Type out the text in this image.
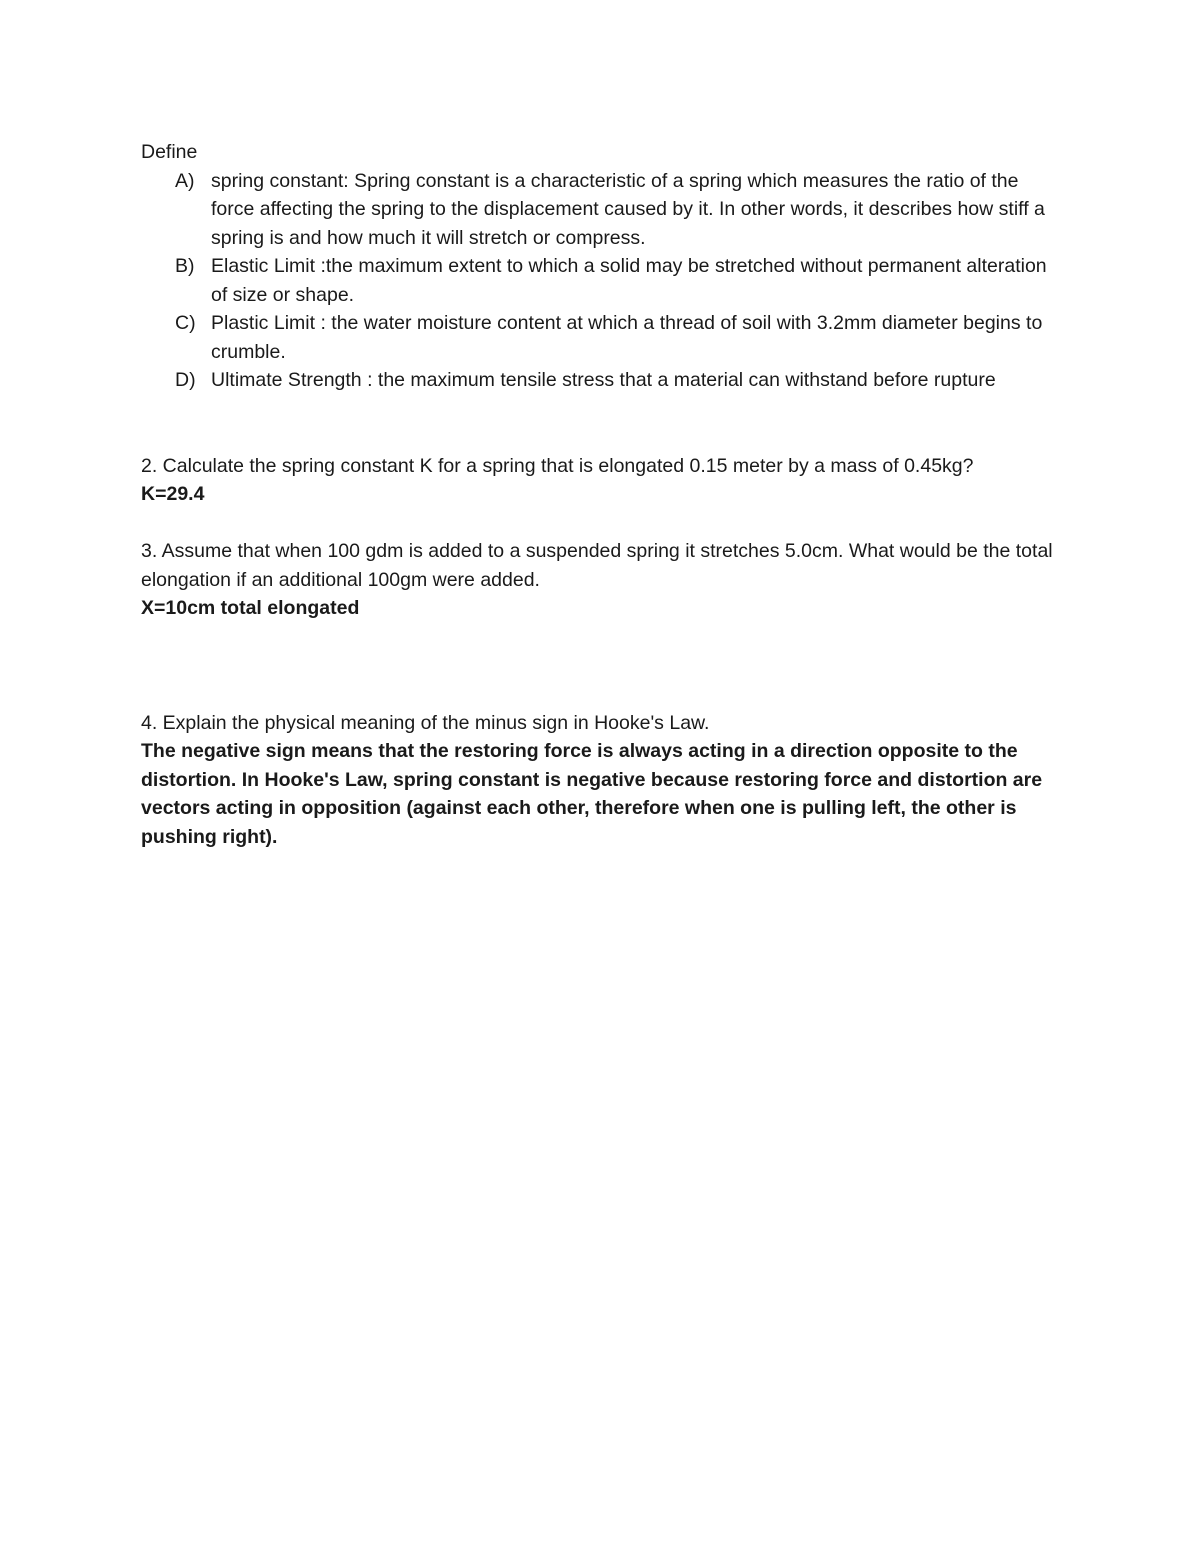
Define

A) spring constant: Spring constant is a characteristic of a spring which measures the ratio of the force affecting the spring to the displacement caused by it. In other words, it describes how stiff a spring is and how much it will stretch or compress.
B) Elastic Limit :the maximum extent to which a solid may be stretched without permanent alteration of size or shape.
C) Plastic Limit : the water moisture content at which a thread of soil with 3.2mm diameter begins to crumble.
D) Ultimate Strength : the maximum tensile stress that a material can withstand before rupture

2. Calculate the spring constant K for a spring that is elongated 0.15 meter by a mass of 0.45kg?

K=29.4

3. Assume that when 100 gdm is added to a suspended spring it stretches 5.0cm. What would be the total elongation if an additional 100gm were added.

X=10cm total elongated

4. Explain the physical meaning of the minus sign in Hooke's Law.

The negative sign means that the restoring force is always acting in a direction opposite to the distortion. In Hooke's Law, spring constant is negative because restoring force and distortion are vectors acting in opposition (against each other, therefore when one is pulling left, the other is pushing right).
